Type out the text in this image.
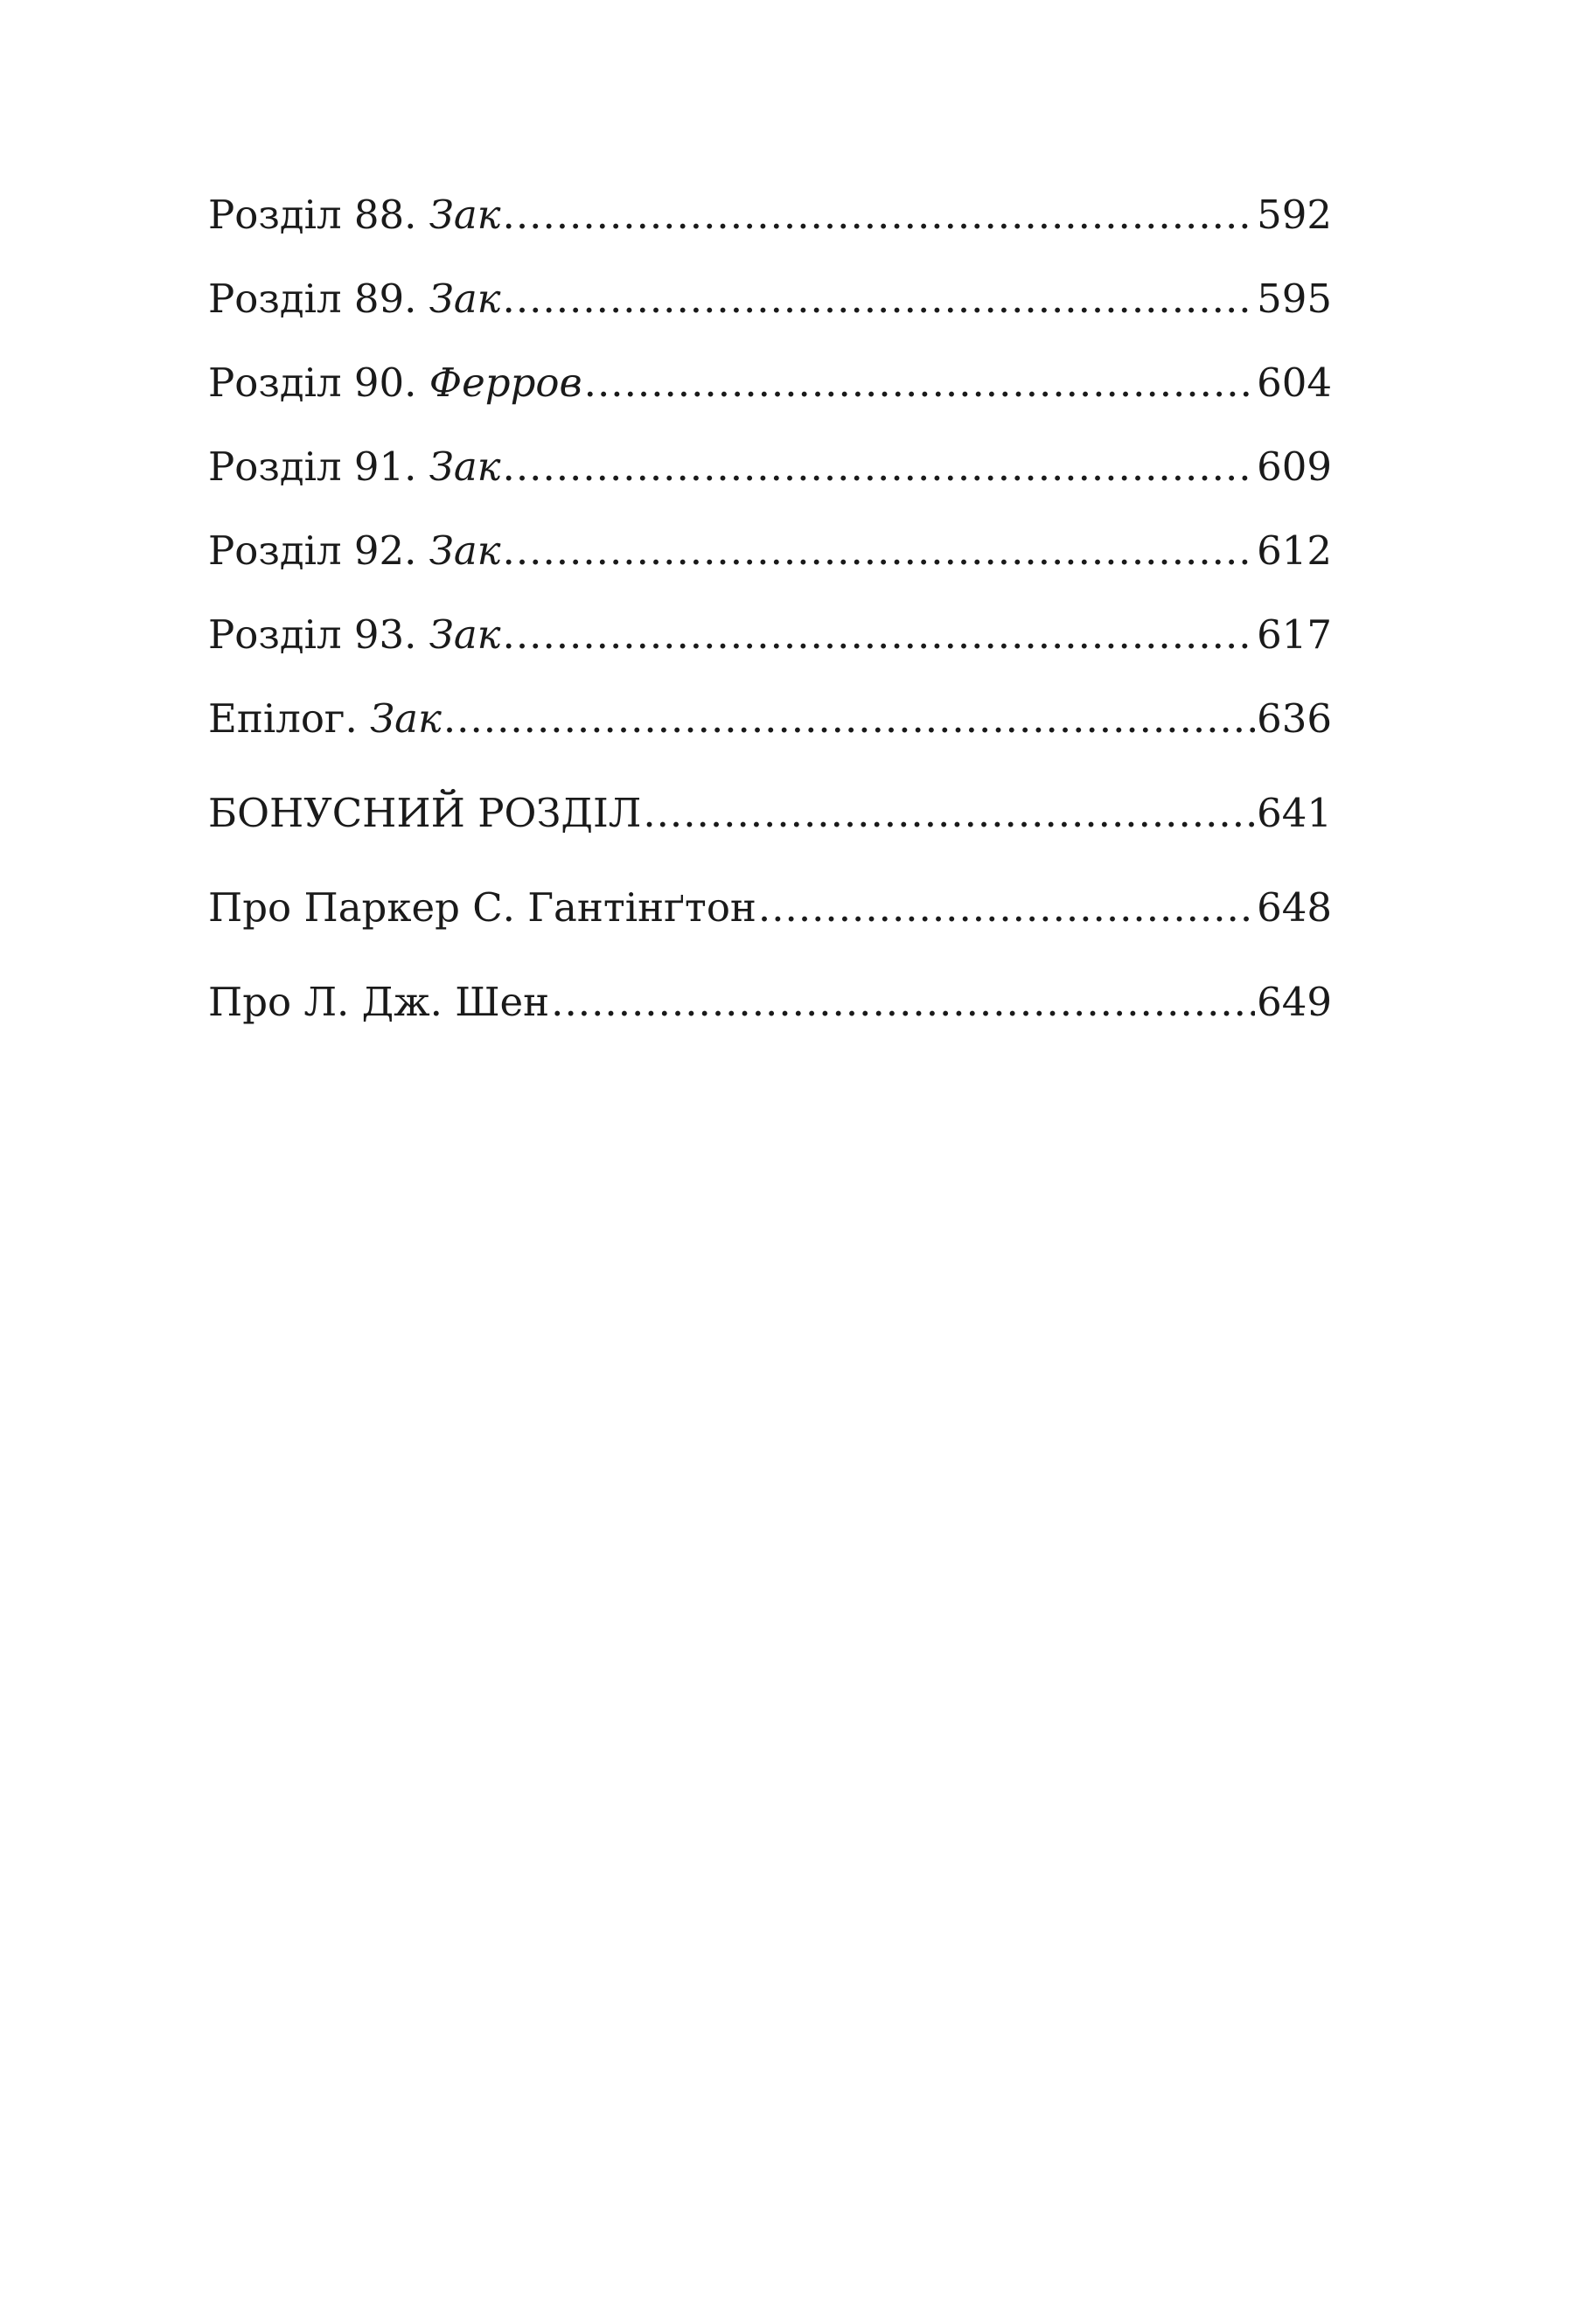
Розділ 88. Зак .....	592
Розділ 89. Зак .....	595
Розділ 90. Ферров .....	604
Розділ 91. Зак .....	609
Розділ 92. Зак .....	612
Розділ 93. Зак .....	617
Епілог. Зак .....	636
БОНУСНИЙ РОЗДІЛ .....	641
Про Паркер С. Гантінґтон .....	648
Про Л. Дж. Шен .....	649
